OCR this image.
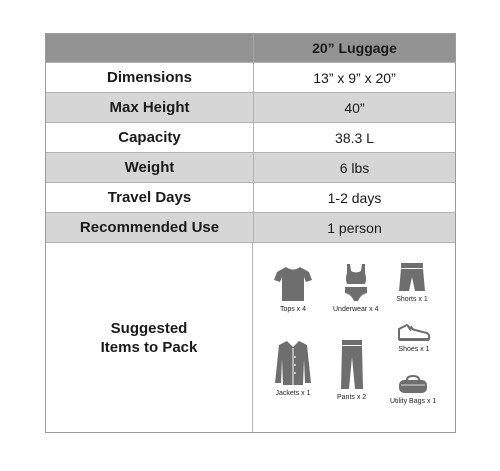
20” Luggage
Dimensions	13” x 9” x 20”
Max Height	40”
Capacity	38.3 L
Weight	6 lbs
Travel Days	1-2 days
Recommended Use	1 person
Suggested
Items to Pack
Tops x 4	Underwear x 4
Shorts x 1
Shoes x 1
Jackets x 1
Pants x 2
Utility Bags x 1
